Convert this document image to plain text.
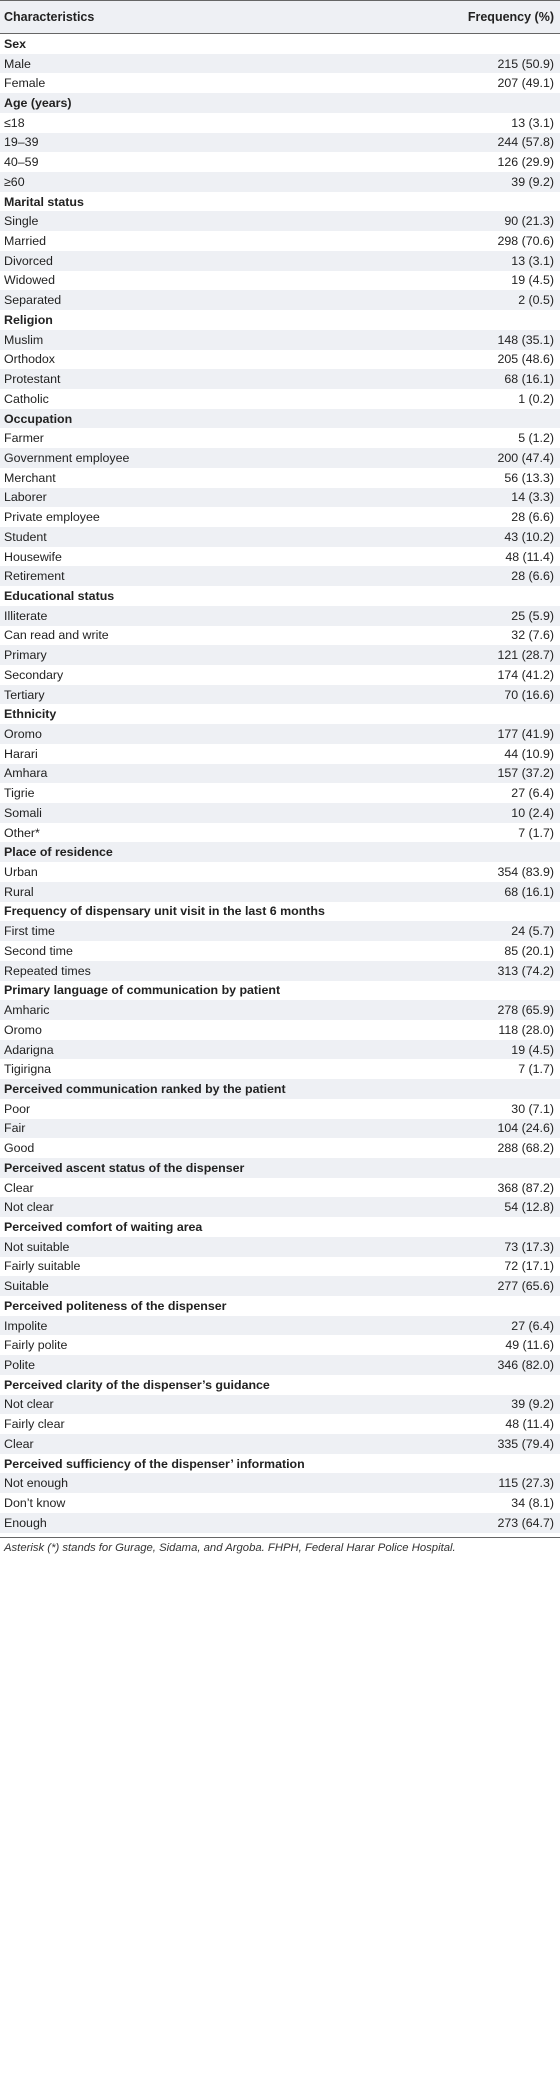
Characteristics	Frequency (%)
Sex
Male	215 (50.9)
Female	207 (49.1)
Age (years)
≤18	13 (3.1)
19–39	244 (57.8)
40–59	126 (29.9)
≥60	39 (9.2)
Marital status
Single	90 (21.3)
Married	298 (70.6)
Divorced	13 (3.1)
Widowed	19 (4.5)
Separated	2 (0.5)
Religion
Muslim	148 (35.1)
Orthodox	205 (48.6)
Protestant	68 (16.1)
Catholic	1 (0.2)
Occupation
Farmer	5 (1.2)
Government employee	200 (47.4)
Merchant	56 (13.3)
Laborer	14 (3.3)
Private employee	28 (6.6)
Student	43 (10.2)
Housewife	48 (11.4)
Retirement	28 (6.6)
Educational status
Illiterate	25 (5.9)
Can read and write	32 (7.6)
Primary	121 (28.7)
Secondary	174 (41.2)
Tertiary	70 (16.6)
Ethnicity
Oromo	177 (41.9)
Harari	44 (10.9)
Amhara	157 (37.2)
Tigrie	27 (6.4)
Somali	10 (2.4)
Other*	7 (1.7)
Place of residence
Urban	354 (83.9)
Rural	68 (16.1)
Frequency of dispensary unit visit in the last 6 months
First time	24 (5.7)
Second time	85 (20.1)
Repeated times	313 (74.2)
Primary language of communication by patient
Amharic	278 (65.9)
Oromo	118 (28.0)
Adarigna	19 (4.5)
Tigirigna	7 (1.7)
Perceived communication ranked by the patient
Poor	30 (7.1)
Fair	104 (24.6)
Good	288 (68.2)
Perceived ascent status of the dispenser
Clear	368 (87.2)
Not clear	54 (12.8)
Perceived comfort of waiting area
Not suitable	73 (17.3)
Fairly suitable	72 (17.1)
Suitable	277 (65.6)
Perceived politeness of the dispenser
Impolite	27 (6.4)
Fairly polite	49 (11.6)
Polite	346 (82.0)
Perceived clarity of the dispenser’s guidance
Not clear	39 (9.2)
Fairly clear	48 (11.4)
Clear	335 (79.4)
Perceived sufficiency of the dispenser’ information
Not enough	115 (27.3)
Don’t know	34 (8.1)
Enough	273 (64.7)
Asterisk (*) stands for Gurage, Sidama, and Argoba. FHPH, Federal Harar Police Hospital.
